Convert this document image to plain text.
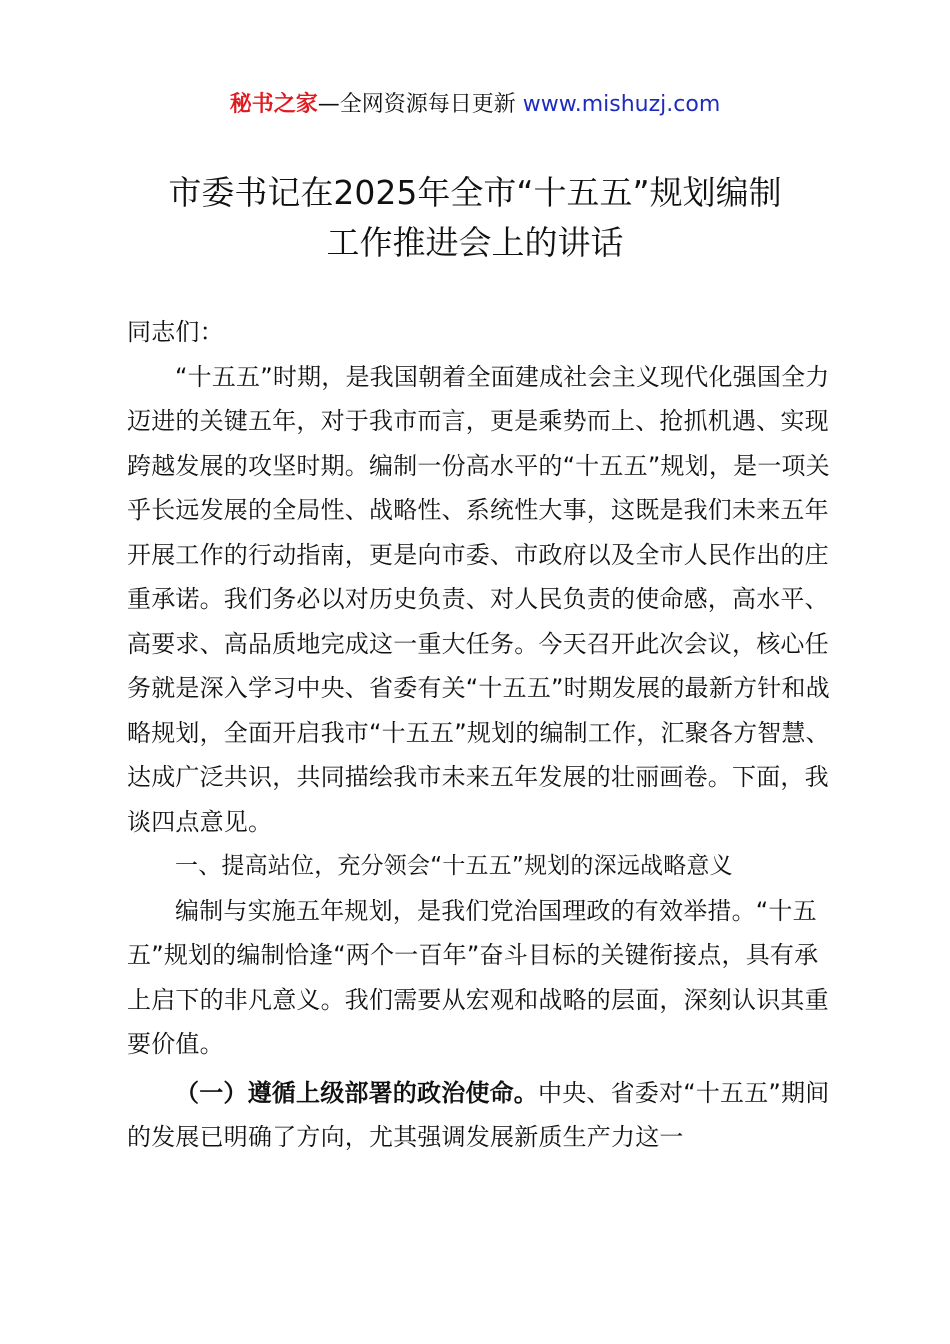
秘书之家—全网资源每日更新 www.mishuzj.com
市委书记在2025年全市“十五五”规划编制
工作推进会上的讲话

同志们：

“十五五”时期，是我国朝着全面建成社会主义现代化强国全力迈进的关键五年，对于我市而言，更是乘势而上、抢抓机遇、实现跨越发展的攻坚时期。编制一份高水平的“十五五”规划，是一项关乎长远发展的全局性、战略性、系统性大事，这既是我们未来五年开展工作的行动指南，更是向市委、市政府以及全市人民作出的庄重承诺。我们务必以对历史负责、对人民负责的使命感，高水平、高要求、高品质地完成这一重大任务。今天召开此次会议，核心任务就是深入学习中央、省委有关“十五五”时期发展的最新方针和战略规划，全面开启我市“十五五”规划的编制工作，汇聚各方智慧、达成广泛共识，共同描绘我市未来五年发展的壮丽画卷。下面，我谈四点意见。

一、提高站位，充分领会“十五五”规划的深远战略意义

编制与实施五年规划，是我们党治国理政的有效举措。“十五五”规划的编制恰逢“两个一百年”奋斗目标的关键衔接点，具有承上启下的非凡意义。我们需要从宏观和战略的层面，深刻认识其重要价值。

（一）遵循上级部署的政治使命。中央、省委对“十五五”期间的发展已明确了方向，尤其强调发展新质生产力这一
